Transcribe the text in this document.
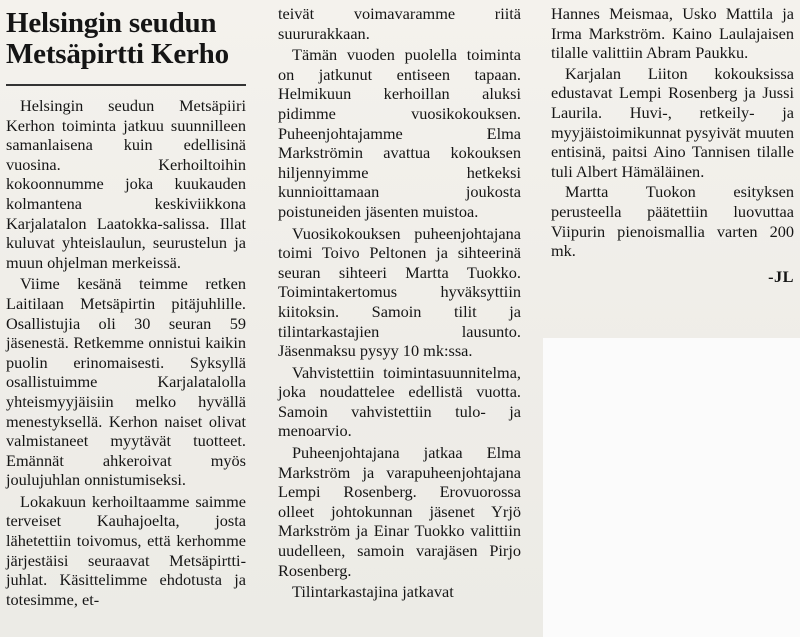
Helsingin seudun Metsäpirtti Kerho

Helsingin seudun Metsäpiiri Kerhon toiminta jatkuu suunnilleen samanlaisena kuin edellisinä vuosina. Kerhoiltoihin kokoonnumme joka kuukauden kolmantena keskiviikkona Karjalatalon Laatokka-salissa. Illat kuluvat yhteislaulun, seurustelun ja muun ohjelman merkeissä.

Viime kesänä teimme retken Laitilaan Metsäpirtin pitäjuhlille. Osallistujia oli 30 seuran 59 jäsenestä. Retkemme onnistui kaikin puolin erinomaisesti. Syksyllä osallistuimme Karjalatalolla yhteismyyjäisiin melko hyvällä menestyksellä. Kerhon naiset olivat valmistaneet myytävät tuotteet. Emännät ahkeroivat myös joulujuhlan onnistumiseksi.

Lokakuun kerhoiltaamme saimme terveiset Kauhajoelta, josta lähetettiin toivomus, että kerhomme järjestäisi seuraavat Metsäpirtti-juhlat. Käsittelimme ehdotusta ja totesimme, et-

teivät voimavaramme riitä suururakkaan.

Tämän vuoden puolella toiminta on jatkunut entiseen tapaan. Helmikuun kerhoillan aluksi pidimme vuosikokouksen. Puheenjohtajamme Elma Markströmin avattua kokouksen hiljennyimme hetkeksi kunnioittamaan joukosta poistuneiden jäsenten muistoa.

Vuosikokouksen puheenjohtajana toimi Toivo Peltonen ja sihteerinä seuran sihteeri Martta Tuokko. Toimintakertomus hyväksyttiin kiitoksin. Samoin tilit ja tilintarkastajien lausunto. Jäsenmaksu pysyy 10 mk:ssa.

Vahvistettiin toimintasuunnitelma, joka noudattelee edellistä vuotta. Samoin vahvistettiin tulo- ja menoarvio.

Puheenjohtajana jatkaa Elma Markström ja varapuheenjohtajana Lempi Rosenberg. Erovuorossa olleet johtokunnan jäsenet Yrjö Markström ja Einar Tuokko valittiin uudelleen, samoin varajäsen Pirjo Rosenberg.

Tilintarkastajina jatkavat

Hannes Meismaa, Usko Mattila ja Irma Markström. Kaino Laulajaisen tilalle valittiin Abram Paukku.

Karjalan Liiton kokouksissa edustavat Lempi Rosenberg ja Jussi Laurila. Huvi-, retkeily- ja myyjäistoimikunnat pysyivät muuten entisinä, paitsi Aino Tannisen tilalle tuli Albert Hämäläinen.

Martta Tuokon esityksen perusteella päätettiin luovuttaa Viipurin pienoismallia varten 200 mk.

-JL
